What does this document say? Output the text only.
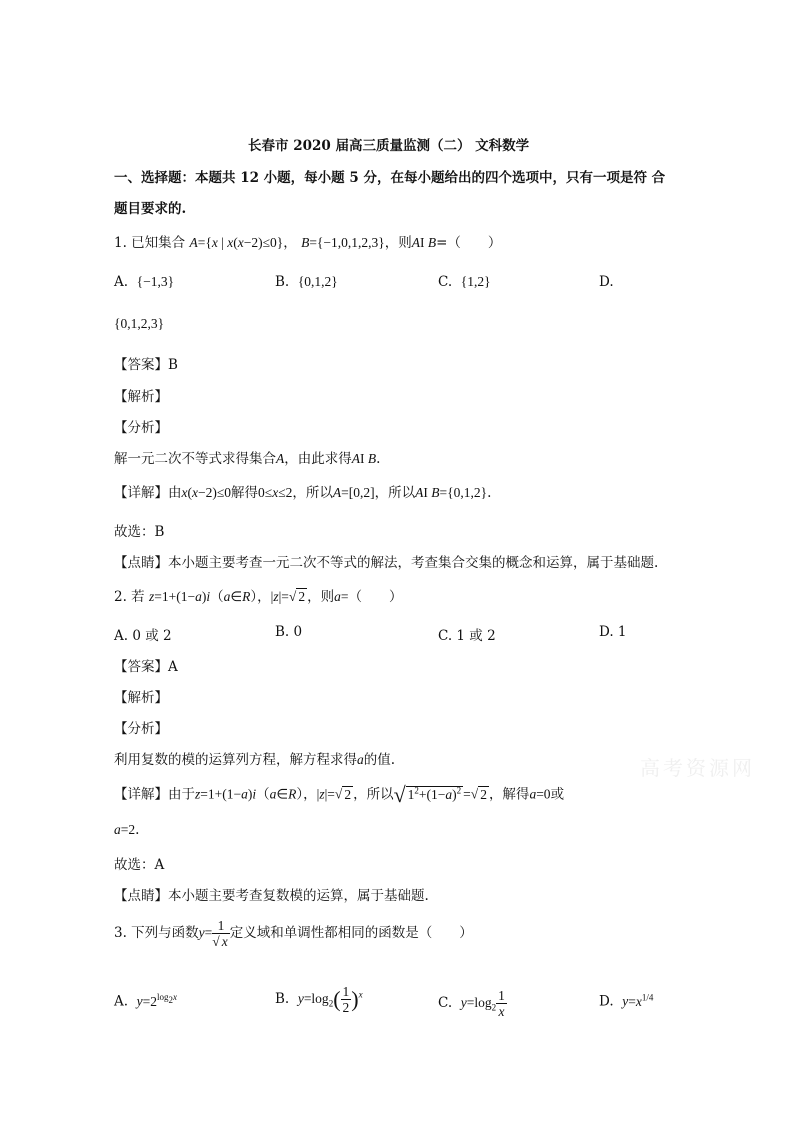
长春市 2020 届高三质量监测（二） 文科数学
一、选择题：本题共 12 小题，每小题 5 分，在每小题给出的四个选项中，只有一项是符 合
题目要求的.
1. 已知集合 A={x | x(x−2)≤0}， B={−1,0,1,2,3}，则AI B=（　　）
A. {−1,3}	B. {0,1,2}	C. {1,2}	D.
{0,1,2,3}
【答案】B
【解析】
【分析】
解一元二次不等式求得集合A，由此求得AI B.
【详解】由x(x−2)≤0解得0≤x≤2，所以A=[0,2]，所以AI B={0,1,2}.
故选：B
【点睛】本小题主要考查一元二次不等式的解法，考查集合交集的概念和运算，属于基础题.
2. 若 z=1+(1−a)i（a∈R），|z|=√ 2 ，则a=（　　）
A. 0 或 2	B. 0	C. 1 或 2	D. 1
【答案】A
【解析】
【分析】
利用复数的模的运算列方程，解方程求得a的值.
【详解】由于z=1+(1−a)i（a∈R），|z|=√ 2 ，所以√ $1^2+(1-a)^2$ =√ 2 ，解得a=0或
a=2.
故选：A
【点睛】本小题主要考查复数模的运算，属于基础题.
3. 下列与函数$y= \frac{1}{√ x}$ 定义域和单调性都相同的函数是（　　）
A. $y=2^{log_2x}$	B. $y=\log_2( \frac{1}{2} )^x$
C. $y=\log_2 \frac{1}{x}$	D. $y=x^{1/4}$
高考资源网
